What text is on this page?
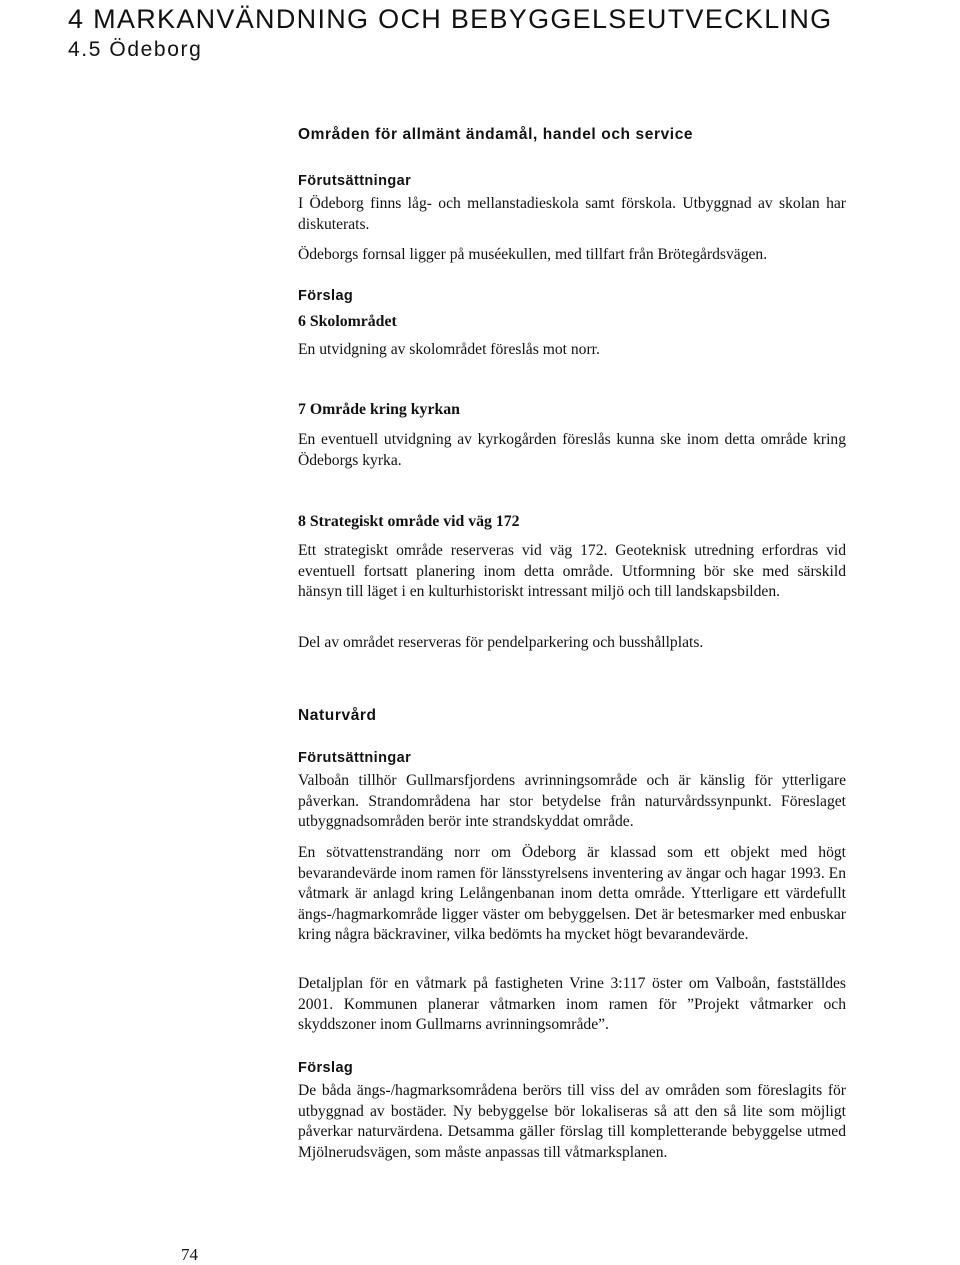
4 MARKANVÄNDNING OCH BEBYGGELSEUTVECKLING
4.5 Ödeborg
Områden för allmänt ändamål, handel och service
Förutsättningar
I Ödeborg finns låg- och mellanstadieskola samt förskola. Utbyggnad av skolan har diskuterats.
Ödeborgs fornsal ligger på muséekullen, med tillfart från Brötegårdsvägen.
Förslag
6 Skolområdet
En utvidgning av skolområdet föreslås mot norr.
7 Område kring kyrkan
En eventuell utvidgning av kyrkogården föreslås kunna ske inom detta område kring Ödeborgs kyrka.
8 Strategiskt område vid väg 172
Ett strategiskt område reserveras vid väg 172. Geoteknisk utredning erfordras vid eventuell fortsatt planering inom detta område. Utformning bör ske med särskild hänsyn till läget i en kulturhistoriskt intressant miljö och till landskapsbilden.
Del av området reserveras för pendelparkering och busshållplats.
Naturvård
Förutsättningar
Valboån tillhör Gullmarsfjordens avrinningsområde och är känslig för ytterligare påverkan. Strandområdena har stor betydelse från naturvårdssynpunkt. Föreslaget utbyggnadsområden berör inte strandskyddat område.
En sötvattenstrandäng norr om Ödeborg är klassad som ett objekt med högt bevarandevärde inom ramen för länsstyrelsens inventering av ängar och hagar 1993. En våtmark är anlagd kring Lelångenbanan inom detta område. Ytterligare ett värdefullt ängs-/hagmarkområde ligger väster om bebyggelsen. Det är betesmarker med enbuskar kring några bäckraviner, vilka bedömts ha mycket högt bevarandevärde.
Detaljplan för en våtmark på fastigheten Vrine 3:117 öster om Valboån, fastställdes 2001. Kommunen planerar våtmarken inom ramen för ”Projekt våtmarker och skyddszoner inom Gullmarns avrinningsområde”.
Förslag
De båda ängs-/hagmarksområdena berörs till viss del av områden som föreslagits för utbyggnad av bostäder. Ny bebyggelse bör lokaliseras så att den så lite som möjligt påverkar naturvärdena. Detsamma gäller förslag till kompletterande bebyggelse utmed Mjölnerudsvägen, som måste anpassas till våtmarksplanen.
74
